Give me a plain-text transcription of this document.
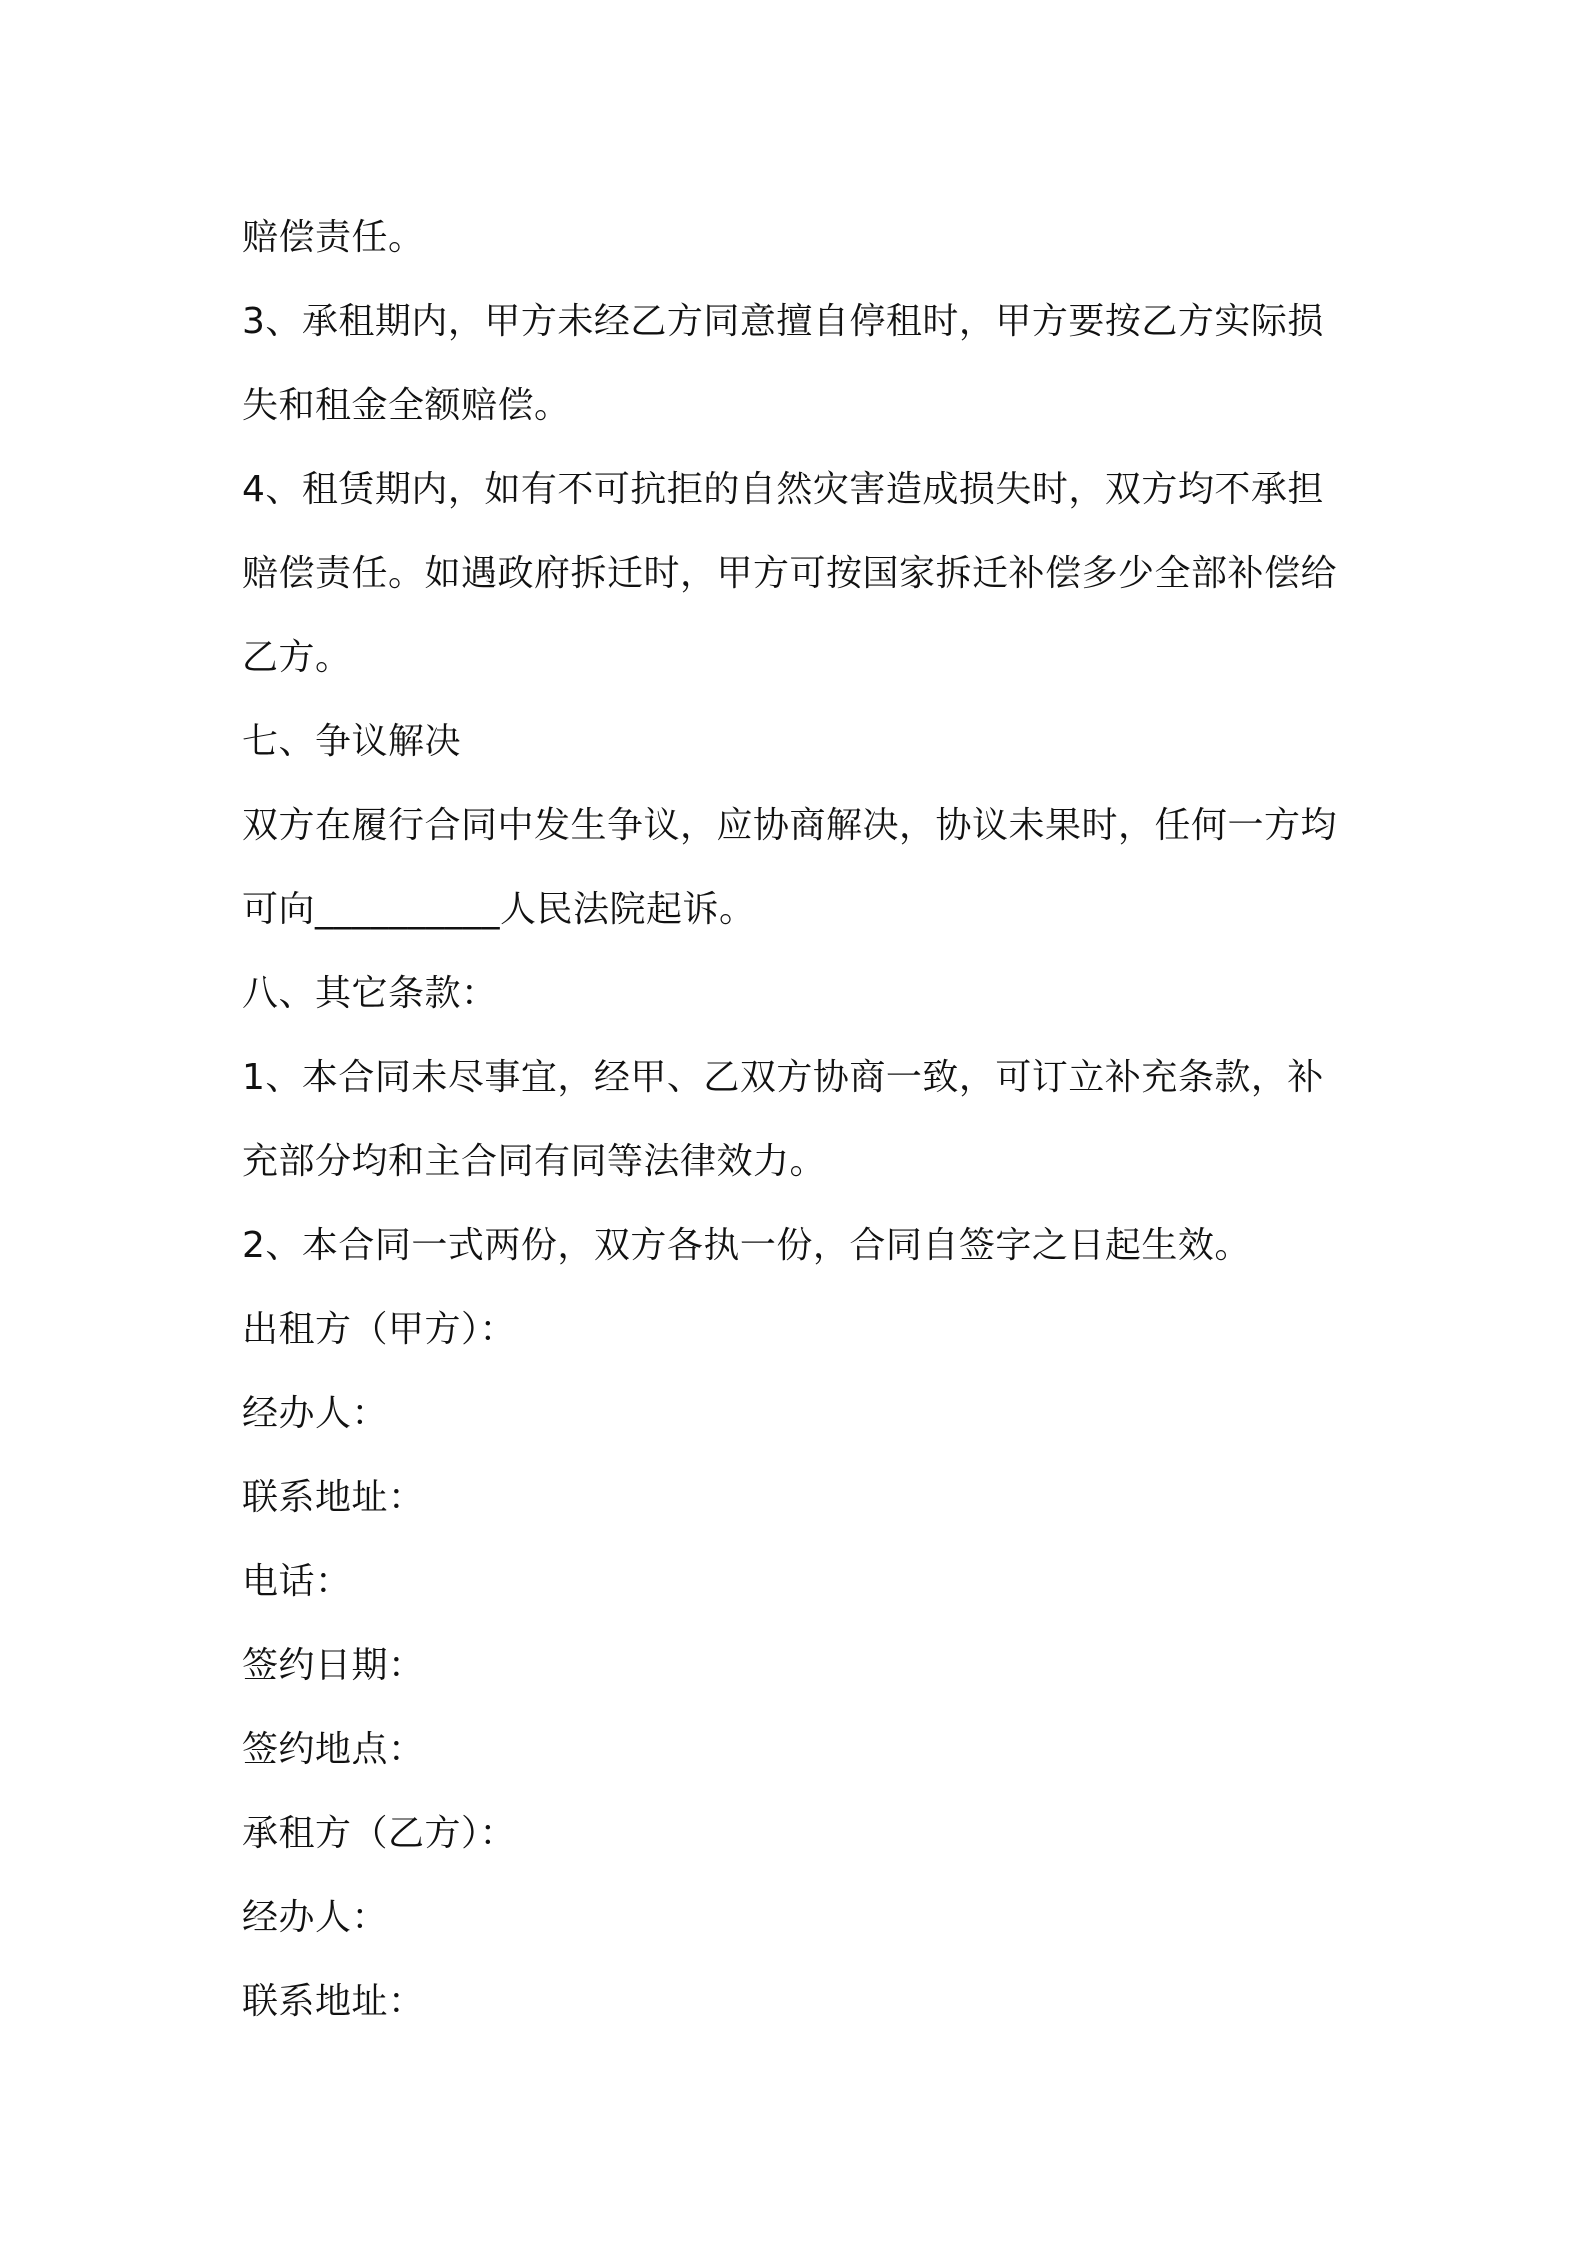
赔偿责任。
3、承租期内，甲方未经乙方同意擅自停租时，甲方要按乙方实际损
失和租金全额赔偿。
4、租赁期内，如有不可抗拒的自然灾害造成损失时，双方均不承担
赔偿责任。如遇政府拆迁时，甲方可按国家拆迁补偿多少全部补偿给
乙方。
七、争议解决
双方在履行合同中发生争议，应协商解决，协议未果时，任何一方均
可向__________人民法院起诉。
八、其它条款：
1、本合同未尽事宜，经甲、乙双方协商一致，可订立补充条款，补
充部分均和主合同有同等法律效力。
2、本合同一式两份，双方各执一份，合同自签字之日起生效。
出租方（甲方）：
经办人：
联系地址：
电话：
签约日期：
签约地点：
承租方（乙方）：
经办人：
联系地址：
